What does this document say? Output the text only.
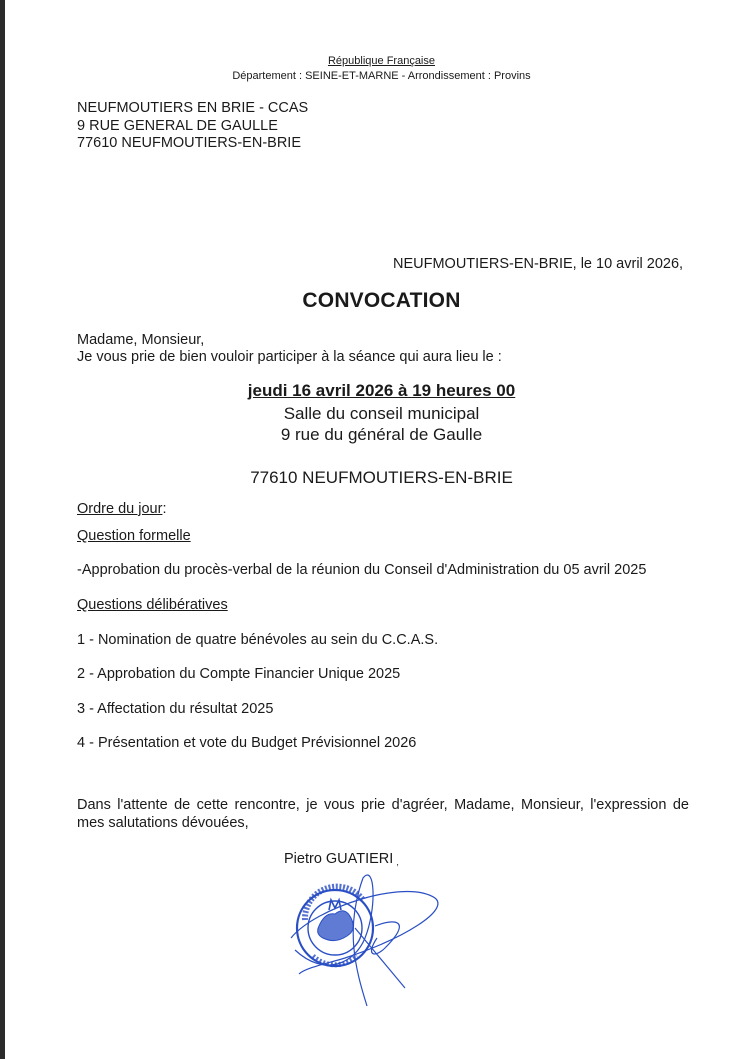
République Française
Département : SEINE-ET-MARNE - Arrondissement : Provins
NEUFMOUTIERS EN BRIE - CCAS
9 RUE GENERAL DE GAULLE
77610 NEUFMOUTIERS-EN-BRIE
NEUFMOUTIERS-EN-BRIE, le 10 avril 2026,
CONVOCATION
Madame, Monsieur,
Je vous prie de bien vouloir participer à la séance qui aura lieu le :
jeudi 16 avril 2026 à 19 heures 00
Salle du conseil municipal
9 rue du général de Gaulle
77610 NEUFMOUTIERS-EN-BRIE
Ordre du jour:
Question formelle
-Approbation du procès-verbal de la réunion du Conseil d'Administration du 05 avril 2025
Questions délibératives
1 - Nomination de quatre bénévoles au sein du C.C.A.S.
2 - Approbation du Compte Financier Unique 2025
3 - Affectation du résultat 2025
4 - Présentation et vote du Budget Prévisionnel 2026
Dans l'attente de cette rencontre, je vous prie d'agréer, Madame, Monsieur, l'expression de mes salutations dévouées,
Pietro GUATIERI ,
